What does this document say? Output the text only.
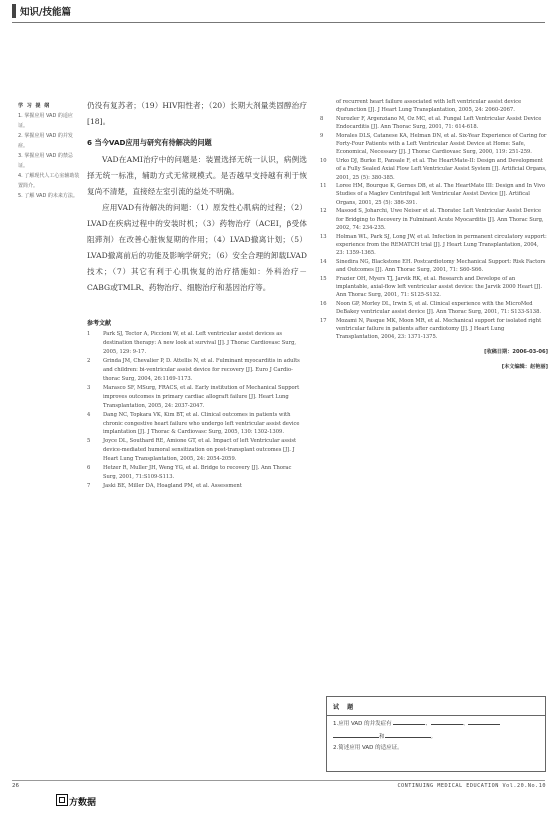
知识/技能篇
学 习 提 纲

1. 掌握应用 VAD 的适应证。

2. 掌握应用 VAD 的并发症。

3. 掌握应用 VAD 的禁忌证。

4. 了解现代人工心室辅助装置简介。

5. 了解 VAD 的未来方法。

仍没有复苏者；（19）HIV阳性者；（20）长期大剂量类固醇治疗[18]。

6 当今VAD应用与研究有待解决的问题

VAD在AMI治疗中的问题是：装置选择无统一认识，病例选择无统一标准，辅助方式无常规模式。是否越早支持越有利于恢复尚不清楚，直接经左室引流的益处不明确。

应用VAD有待解决的问题：（1）原发性心肌病的过程；（2）LVAD在疾病过程中的安装时机；（3）药物治疗（ACEI，β受体阻滞剂）在改善心脏恢复期的作用；（4）LVAD撤离计划；（5）LVAD撤离前后的功能及影响学研究；（6）安全合理的卸载LVAD技术；（7）其它有利于心肌恢复的治疗措施如：外科治疗－CABG或TMLR、药物治疗、细胞治疗和基因治疗等。

参考文献
1 Park SJ, Tector A, Piccioni W, et al. Left ventricular assist devices as destination therapy: A new look at survival [J]. J Thorac Cardiovasc Surg, 2005, 129: 9-17.
2 Grinda JM, Chevalier P, D. Attellis N, et al. Fulminant myocarditis in adults and children: bi-ventricular assist device for recovery [J]. Euro J Cardio-thorac Surg, 2004, 26:1169-1173.
3 Marasco SF, MSurg, FRACS, et al. Early institution of Mechanical Support improves outcomes in primary cardiac allograft failure [J]. Heart Lung Transplantation, 2005, 24: 2037-2047.
4 Dang NC, Topkara VK, Kim BT, et al. Clinical outcomes in patients with chronic congestive heart failure who undergo left ventricular assist device implantation [J]. J Thorac & Cardiovasc Surg, 2005, 130: 1302-1309.
5 Joyce DL, Southard RE, Amione GT, et al. Impact of left Ventricular assist device-mediated humoral sensitization on post-transplant outcomes [J]. J Heart Lung Transplantation, 2005, 24: 2054-2059.
6 Hetzer R, Muller JH, Weng YG, et al. Bridge to recovery [J]. Ann Thorac Surg, 2001, 71:S109-S113.
7 Jaski BE, Miller DA, Hoagland PM, et al. Assessment
of recurrent heart failure associated with left ventricular assist device dysfunction [J]. J Heart Lung Transplantation, 2005, 24: 2060-2067.
8 Nurozler F, Argenziano M, Oz MC, et al. Fungal Left Ventricular Assist Device Endocarditis [J]. Ann Thorac Surg, 2001, 71: 614-618.
9 Morales DLS, Catanese KA, Helman DN, et al. Six-Year Experience of Caring for Forty-Four Patients with a Left Ventricular Assist Device at Home: Safe, Economical, Necessary [J]. J Thorac Cardiovasc Surg, 2000, 119: 251-259.
10 Urko DJ, Burke E, Pansale F, et al. The HeartMate-II: Design and Development of a Fully Sealed Axial Flow Left Ventricular Assist System [J]. Artificial Organs, 2001, 25 (5): 380-385.
11 Loree HM, Bourque K, Gernes DB, et al. The HeartMate III: Design and In Vivo Studies of a Maglev Centrifugal left Ventricular Assist Device [J]. Artifical Organs, 2001, 25 (5): 386-391.
12 Masood S, Joharchi, Uwe Neiser et al. Thoratec Left Ventricular Assist Device for Bridging to Recovery in Fulminant Acute Myocarditis [J]. Ann Thorac Surg, 2002, 74: 234-235.
13 Holman WL, Park SJ, Long JW, et al. Infection in permanent circulatory support: experience from the REMATCH trial [J]. J Heart Lung Transplantation, 2004, 23: 1359-1365.
14 Sinedira NG, Blackstone EH. Postcardiotomy Mechanical Support: Risk Factors and Outcomes [J]. Ann Thorac Surg, 2001, 71: S60-S66.
15 Frazier OH, Myers TJ, Jarvik RK, et al. Research and Develope of an implantable, axial-flow left ventricular assist device: the Jarvik 2000 Heart [J]. Ann Thorac Surg, 2001, 71: S125-S132.
16 Noon GP, Morley DL, Irwin S, et al. Clinical experience with the MicroMed DeBakey ventricular assist device [J]. Ann Thorac Surg, 2001, 71: S133-S138.
17 Mozami N, Pasque MK, Moon MR, et al. Mechanical support for isolated right ventricular failure in patients after cardiotomy [J]. J Heart Lung Transplantation, 2004, 23: 1371-1375.
[收稿日期：2006-03-06]
[本文编辑：赵艳丽]
试 题
1.应用 VAD 的并发症有	、	、
和	。
2.简述应用 VAD 的适应证。
26	CONTINUING MEDICAL EDUCATION Vol.20.No.10
方数据
